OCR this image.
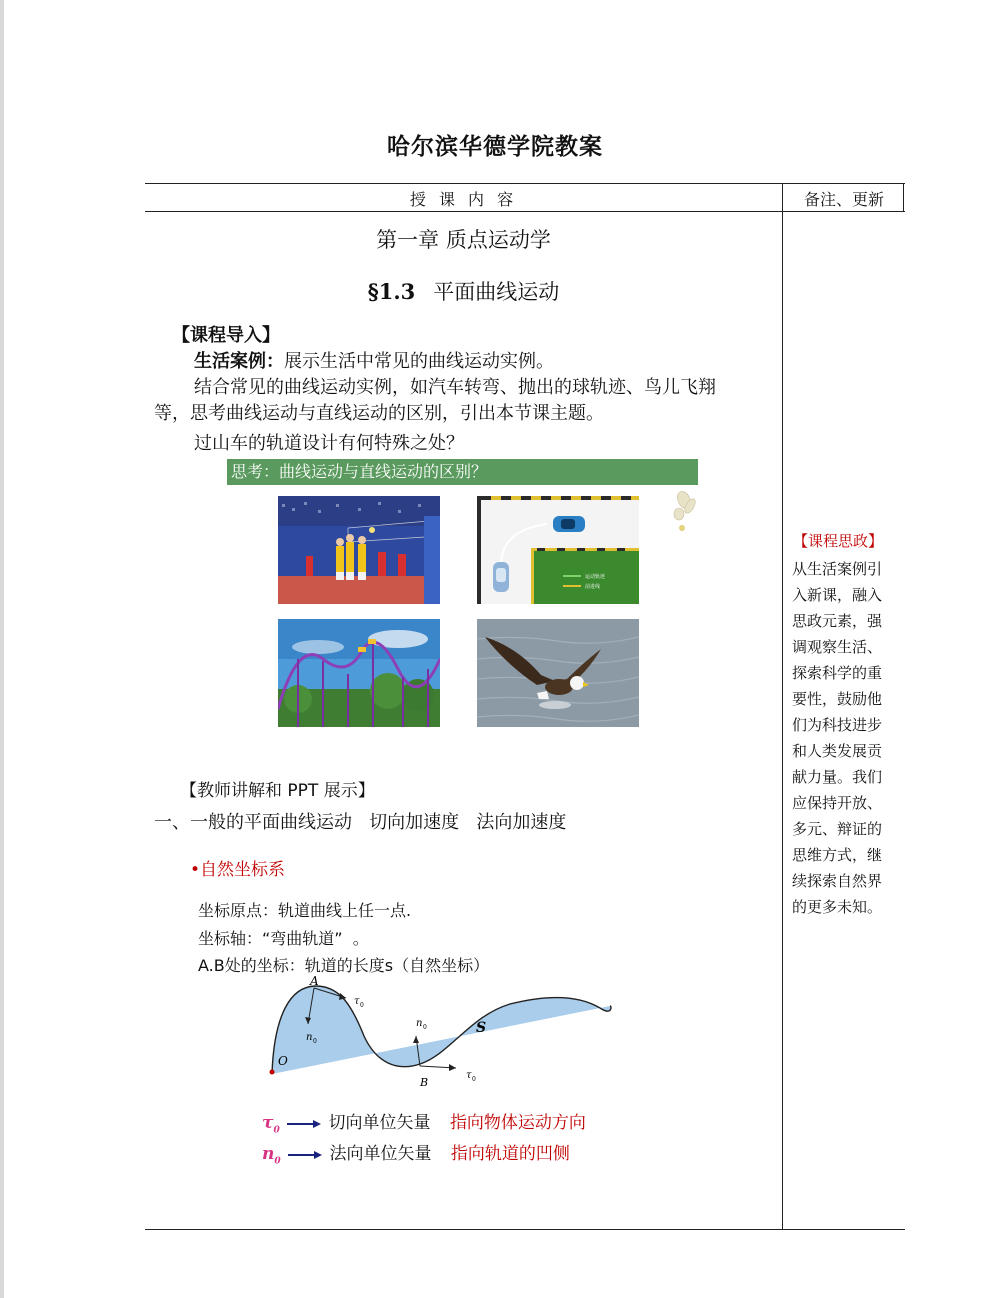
哈尔滨华德学院教案
授 课 内 容	备注、更新
第一章 质点运动学
§1.3 平面曲线运动
【课程导入】
生活案例：展示生活中常见的曲线运动实例。
结合常见的曲线运动实例，如汽车转弯、抛出的球轨迹、鸟儿飞翔
等，思考曲线运动与直线运动的区别，引出本节课主题。
过山车的轨道设计有何特殊之处？
思考：曲线运动与直线运动的区别？
运动轨迹
前进线
【教师讲解和 PPT 展示】
一、一般的平面曲线运动   切向加速度   法向加速度
•自然坐标系
坐标原点：轨道曲线上任一点.
坐标轴：“弯曲轨道”  。
A.B处的坐标：轨道的长度s（自然坐标）
A
O
B
S
τ 0
n 0
n 0
τ 0
$\tau_0$	切向单位矢量 指向物体运动方向
$n_0$	法向单位矢量 指向轨道的凹侧
【课程思政】
从生活案例引
入新课，融入
思政元素，强
调观察生活、
探索科学的重
要性，鼓励他
们为科技进步
和人类发展贡
献力量。我们
应保持开放、
多元、辩证的
思维方式，继
续探索自然界
的更多未知。
